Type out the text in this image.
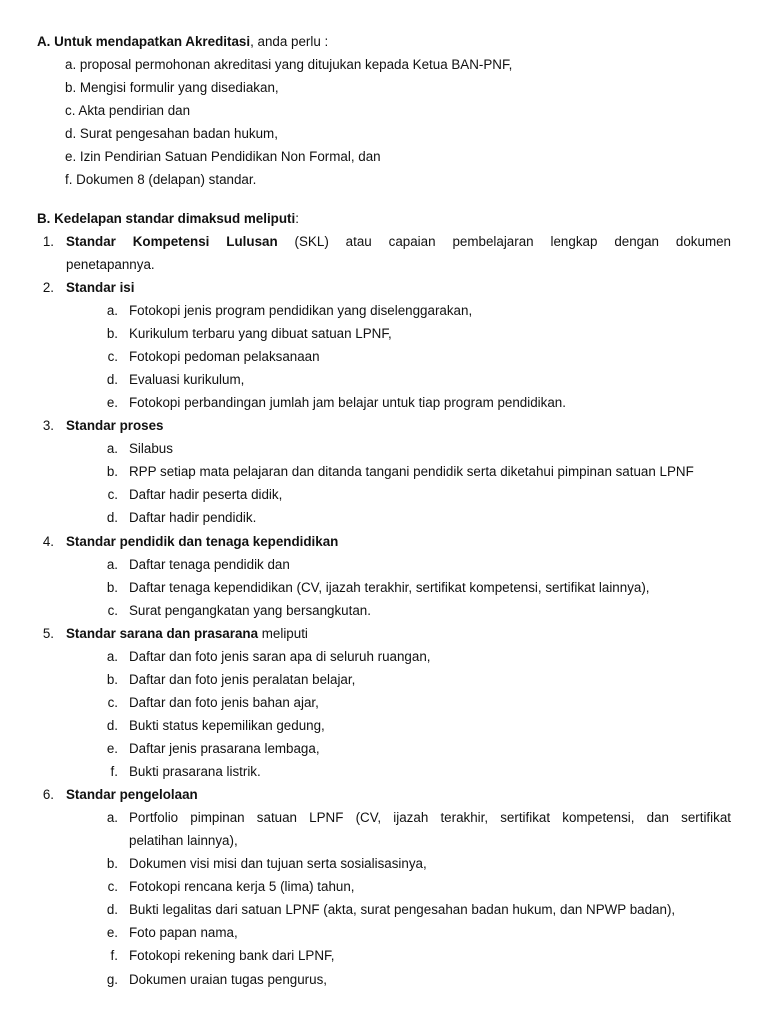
A. Untuk mendapatkan Akreditasi, anda perlu :
a. proposal permohonan akreditasi yang ditujukan kepada Ketua BAN-PNF,
b. Mengisi formulir yang disediakan,
c. Akta pendirian dan
d. Surat pengesahan badan hukum,
e. Izin Pendirian Satuan Pendidikan Non Formal, dan
f. Dokumen 8 (delapan) standar.
B. Kedelapan standar dimaksud meliputi:
1. Standar Kompetensi Lulusan (SKL) atau capaian pembelajaran lengkap dengan dokumen
penetapannya.
2. Standar isi
a. Fotokopi jenis program pendidikan yang diselenggarakan,
b. Kurikulum terbaru yang dibuat satuan LPNF,
c. Fotokopi pedoman pelaksanaan
d. Evaluasi kurikulum,
e. Fotokopi perbandingan jumlah jam belajar untuk tiap program pendidikan.
3. Standar proses
a. Silabus
b. RPP setiap mata pelajaran dan ditanda tangani pendidik serta diketahui pimpinan satuan LPNF
c. Daftar hadir peserta didik,
d. Daftar hadir pendidik.
4. Standar pendidik dan tenaga kependidikan
a. Daftar tenaga pendidik dan
b. Daftar tenaga kependidikan (CV, ijazah terakhir, sertifikat kompetensi, sertifikat lainnya),
c. Surat pengangkatan yang bersangkutan.
5. Standar sarana dan prasarana meliputi
a. Daftar dan foto jenis saran apa di seluruh ruangan,
b. Daftar dan foto jenis peralatan belajar,
c. Daftar dan foto jenis bahan ajar,
d. Bukti status kepemilikan gedung,
e. Daftar jenis prasarana lembaga,
f. Bukti prasarana listrik.
6. Standar pengelolaan
a. Portfolio pimpinan satuan LPNF (CV, ijazah terakhir, sertifikat kompetensi, dan sertifikat
pelatihan lainnya),
b. Dokumen visi misi dan tujuan serta sosialisasinya,
c. Fotokopi rencana kerja 5 (lima) tahun,
d. Bukti legalitas dari satuan LPNF (akta, surat pengesahan badan hukum, dan NPWP badan),
e. Foto papan nama,
f. Fotokopi rekening bank dari LPNF,
g. Dokumen uraian tugas pengurus,
